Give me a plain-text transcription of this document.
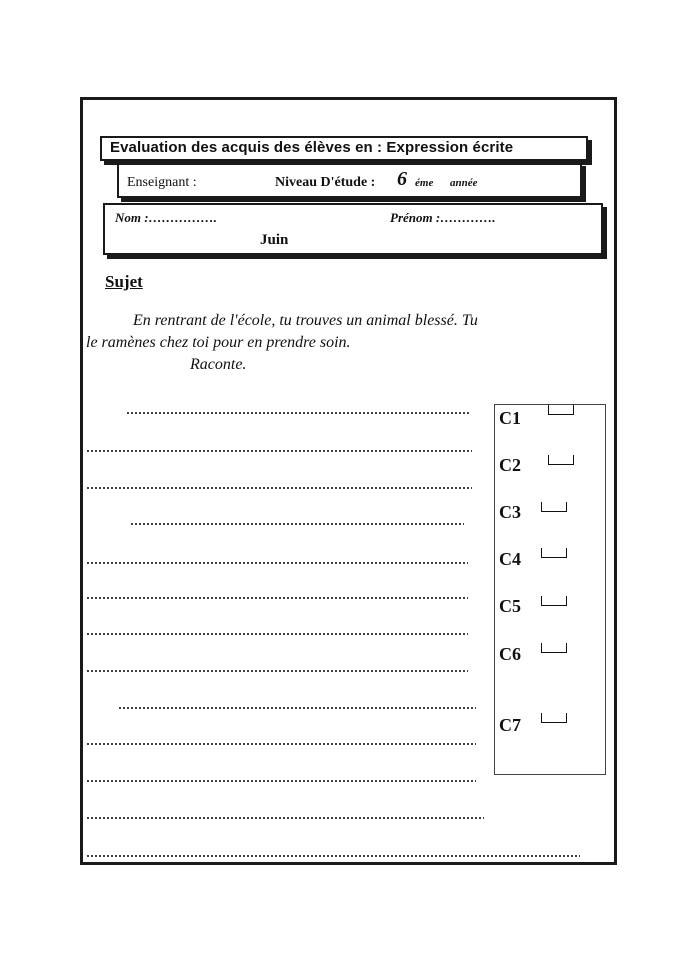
Evaluation des acquis des élèves en : Expression écrite
Enseignant :	Niveau D'étude : 6 éme année
Nom :…………….	Prénom :………….
Juin
Sujet
En rentrant de l'école, tu trouves un animal blessé. Tu
le ramènes chez toi pour en prendre soin.
Raconte.
C1
C2
C3
C4
C5
C6
C7
